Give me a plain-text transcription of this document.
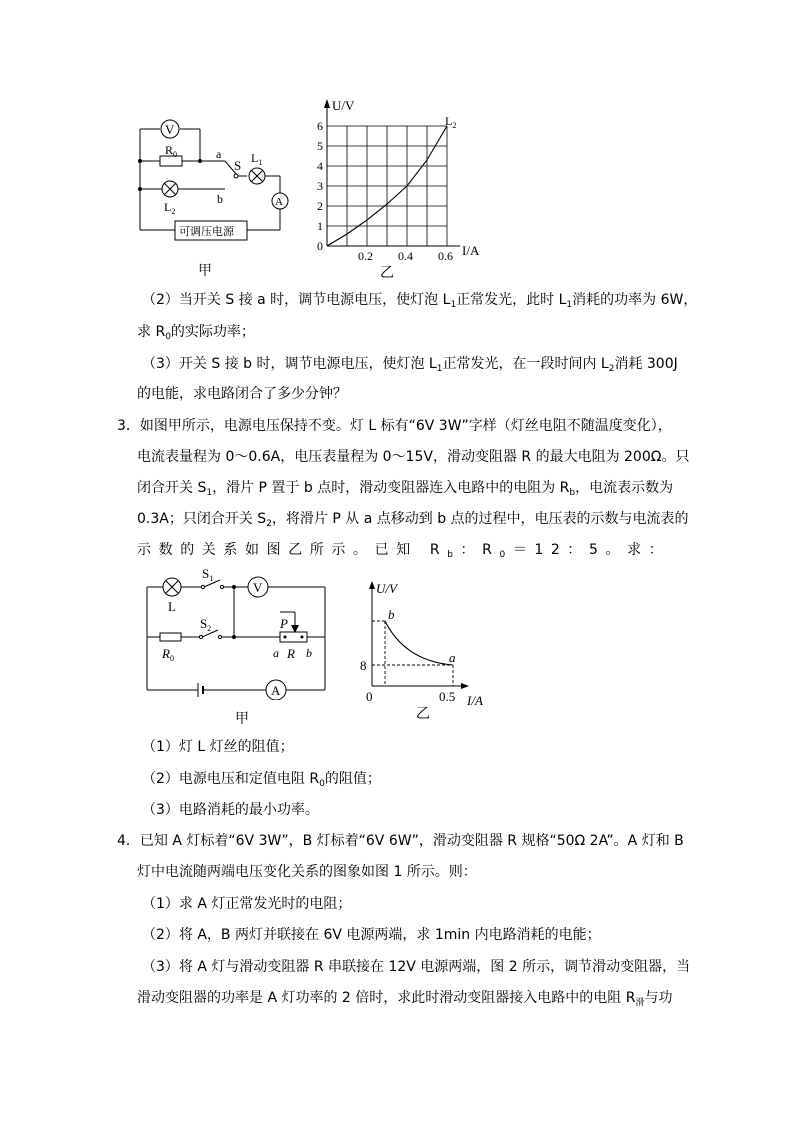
V
$R_0$	a
S $L_1$
b
$L_2$
A
可调压电源
甲
1
2
3
4
5
6
0.2 0.4 0.6
U/V
I/A
0
$L_2$
乙
（2）当开关 S 接 a 时，调节电源电压，使灯泡 $L_1$正常发光，此时 $L_1$消耗的功率为 6W，
求 $R_0$的实际功率；
（3）开关 S 接 b 时，调节电源电压，使灯泡 $L_1$正常发光，在一段时间内 $L_2$消耗 300J
的电能，求电路闭合了多少分钟？
3．如图甲所示，电源电压保持不变。灯 L 标有“6V 3W”字样（灯丝电阻不随温度变化），
电流表量程为 0～0.6A，电压表量程为 0～15V，滑动变阻器 R 的最大电阻为 200Ω。只
闭合开关 $S_1$，滑片 P 置于 b 点时，滑动变阻器连入电路中的电阻为 $R_b$，电流表示数为
0.3A；只闭合开关 $S_2$，将滑片 P 从 a 点移动到 b 点的过程中，电压表的示数与电流表的
示数的关系如图乙所示。已知 $R_b$：$R_0=12$：5。求：
L
$S_1$
V
$S_2$
$R_0$
P
a R b
A
甲
U/V
b
8
a
0	0.5 I/A
乙
（1）灯 L 灯丝的阻值；
（2）电源电压和定值电阻 $R_0$的阻值；
（3）电路消耗的最小功率。
4．已知 A 灯标着“6V 3W”，B 灯标着“6V 6W”，滑动变阻器 R 规格“50Ω 2A”。A 灯和 B
灯中电流随两端电压变化关系的图象如图 1 所示。则：
（1）求 A 灯正常发光时的电阻；
（2）将 A，B 两灯并联接在 6V 电源两端，求 1min 内电路消耗的电能；
（3）将 A 灯与滑动变阻器 R 串联接在 12V 电源两端，图 2 所示，调节滑动变阻器，当
滑动变阻器的功率是 A 灯功率的 2 倍时，求此时滑动变阻器接入电路中的电阻 $R_滑$与功
